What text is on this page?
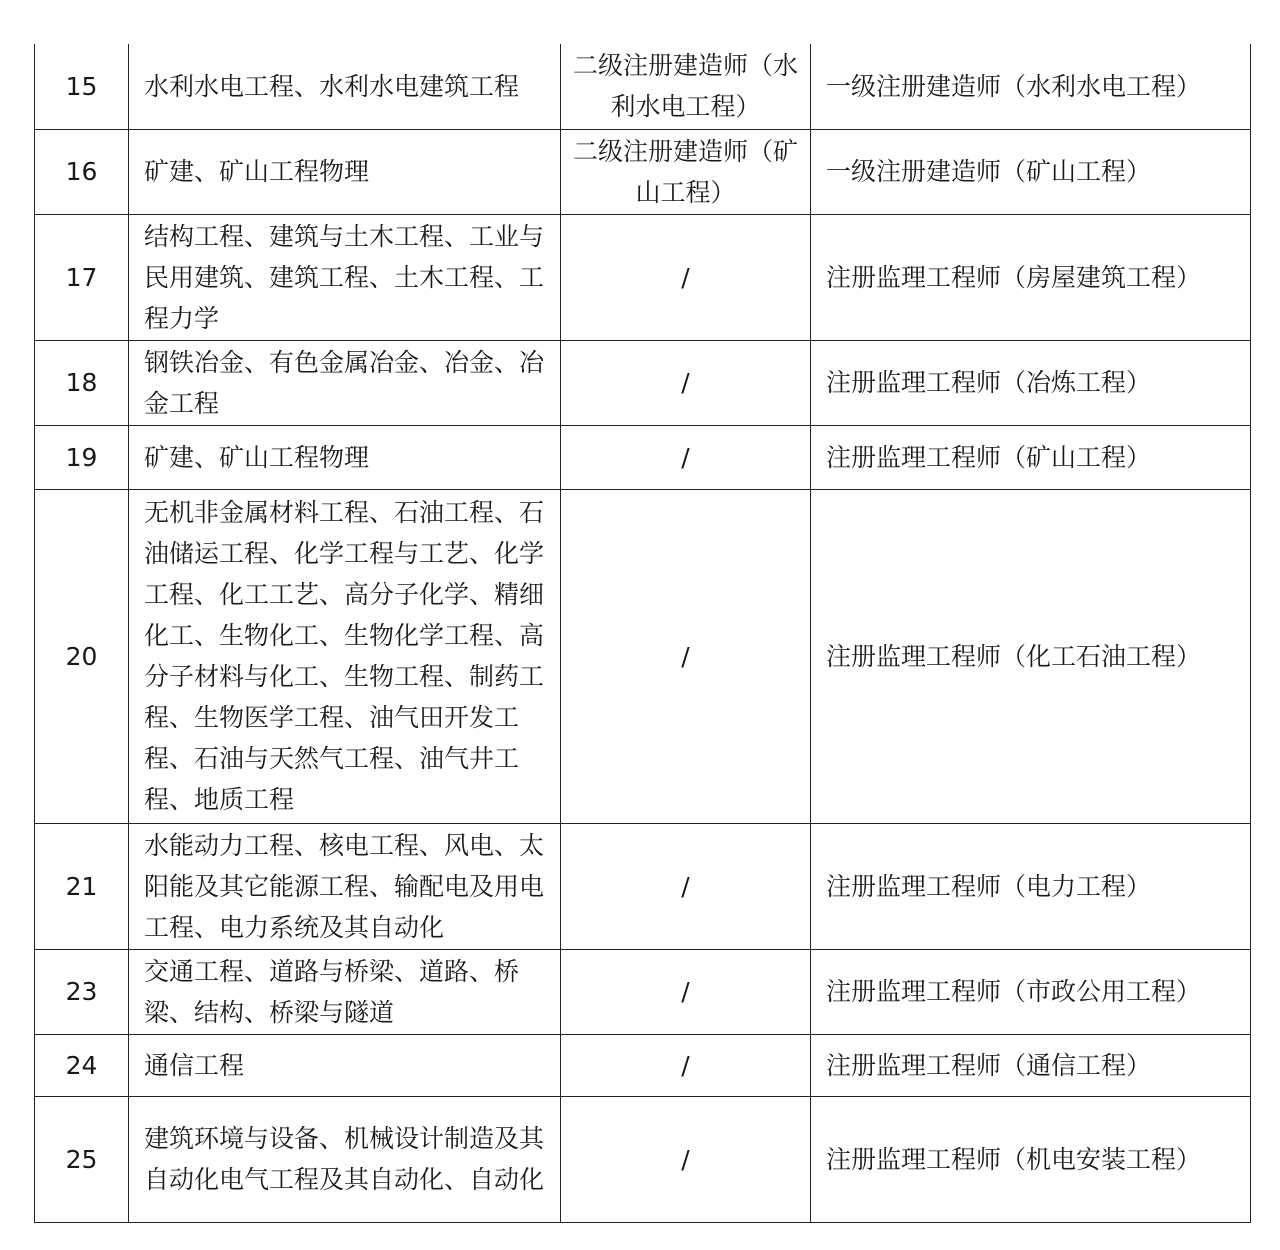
15	水利水电工程、水利水电建筑工程	二级注册建造师（水利水电工程）	一级注册建造师（水利水电工程）
16	矿建、矿山工程物理	二级注册建造师（矿山工程）	一级注册建造师（矿山工程）
17	结构工程、建筑与土木工程、工业与民用建筑、建筑工程、土木工程、工程力学	/	注册监理工程师（房屋建筑工程）
18	钢铁冶金、有色金属冶金、冶金、冶金工程	/	注册监理工程师（冶炼工程）
19	矿建、矿山工程物理	/	注册监理工程师（矿山工程）
20	无机非金属材料工程、石油工程、石油储运工程、化学工程与工艺、化学工程、化工工艺、高分子化学、精细化工、生物化工、生物化学工程、高分子材料与化工、生物工程、制药工程、生物医学工程、油气田开发工程、石油与天然气工程、油气井工程、地质工程	/	注册监理工程师（化工石油工程）
21	水能动力工程、核电工程、风电、太阳能及其它能源工程、输配电及用电工程、电力系统及其自动化	/	注册监理工程师（电力工程）
23	交通工程、道路与桥梁、道路、桥梁、结构、桥梁与隧道	/	注册监理工程师（市政公用工程）
24	通信工程	/	注册监理工程师（通信工程）
25	建筑环境与设备、机械设计制造及其自动化电气工程及其自动化、自动化	/	注册监理工程师（机电安装工程）
